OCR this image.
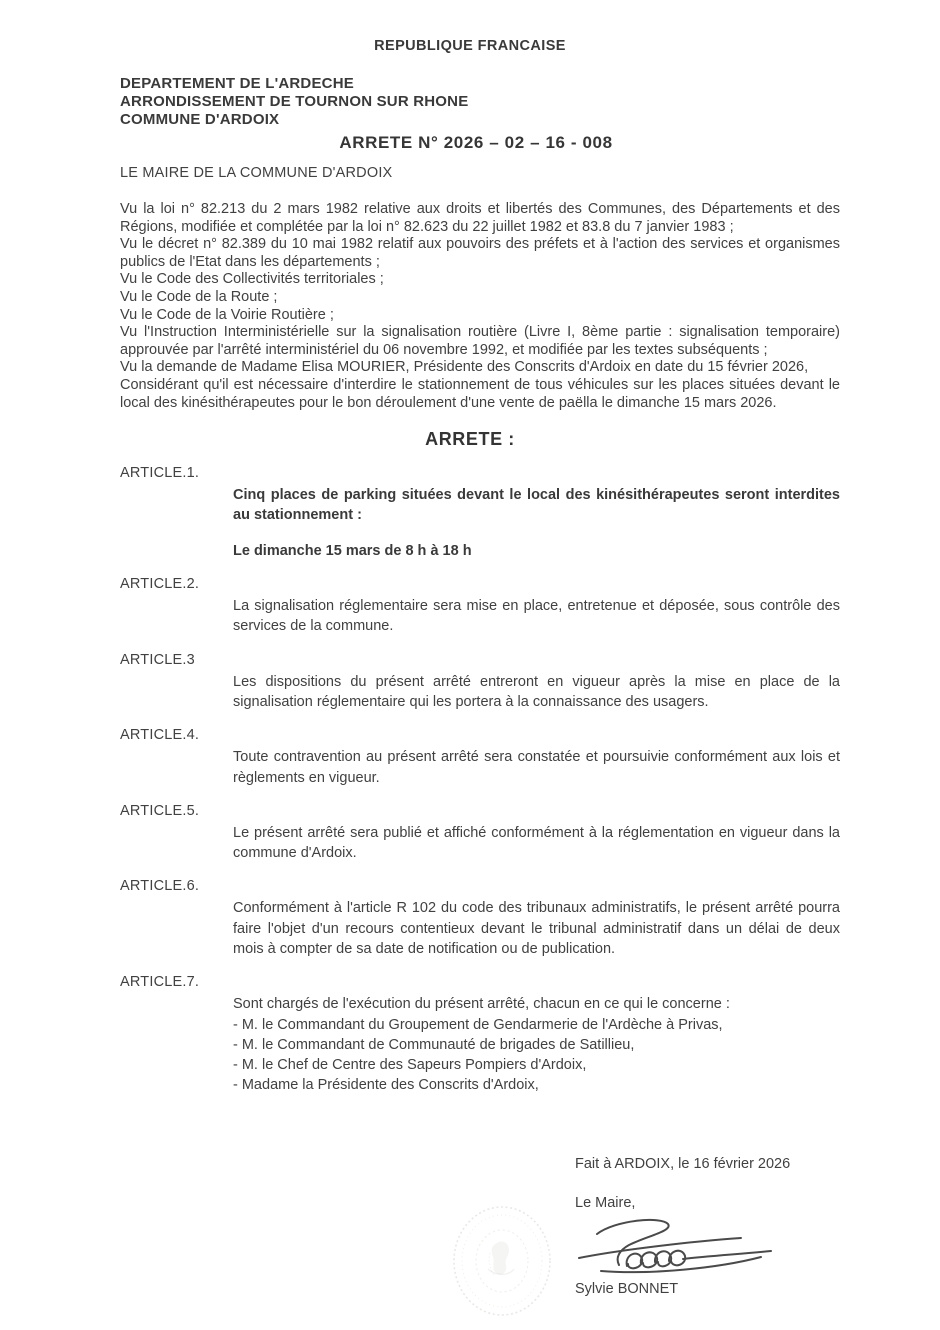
REPUBLIQUE FRANCAISE
DEPARTEMENT DE L'ARDECHE
ARRONDISSEMENT DE TOURNON SUR RHONE
COMMUNE D'ARDOIX
ARRETE N° 2026 – 02 – 16 - 008
LE MAIRE DE LA COMMUNE D'ARDOIX
Vu la loi n° 82.213 du 2 mars 1982 relative aux droits et libertés des Communes, des Départements et des Régions, modifiée et complétée par la loi n° 82.623 du 22 juillet 1982 et 83.8 du 7 janvier 1983 ;
Vu le décret n° 82.389 du 10 mai 1982 relatif aux pouvoirs des préfets et à l'action des services et organismes publics de l'Etat dans les départements ;
Vu le Code des Collectivités territoriales ;
Vu le Code de la Route ;
Vu le Code de la Voirie Routière ;
Vu l'Instruction Interministérielle sur la signalisation routière (Livre I, 8ème partie : signalisation temporaire) approuvée par l'arrêté interministériel du 06 novembre 1992, et modifiée par les textes subséquents ;
Vu la demande de Madame Elisa MOURIER, Présidente des Conscrits d'Ardoix en date du 15 février 2026,
Considérant qu'il est nécessaire d'interdire le stationnement de tous véhicules sur les places situées devant le local des kinésithérapeutes pour le bon déroulement d'une vente de paëlla le dimanche 15 mars 2026.
ARRETE :
ARTICLE.1.

Cinq places de parking situées devant le local des kinésithérapeutes seront interdites au stationnement :

Le dimanche 15 mars de 8 h à 18 h

ARTICLE.2.

La signalisation réglementaire sera mise en place, entretenue et déposée, sous contrôle des services de la commune.

ARTICLE.3

Les dispositions du présent arrêté entreront en vigueur après la mise en place de la signalisation réglementaire qui les portera à la connaissance des usagers.

ARTICLE.4.

Toute contravention au présent arrêté sera constatée et poursuivie conformément aux lois et règlements en vigueur.

ARTICLE.5.

Le présent arrêté sera publié et affiché conformément à la réglementation en vigueur dans la commune d'Ardoix.

ARTICLE.6.

Conformément à l'article R 102 du code des tribunaux administratifs, le présent arrêté pourra faire l'objet d'un recours contentieux devant le tribunal administratif dans un délai de deux mois à compter de sa date de notification ou de publication.

ARTICLE.7.

Sont chargés de l'exécution du présent arrêté, chacun en ce qui le concerne :

- M. le Commandant du Groupement de Gendarmerie de l'Ardèche à Privas,

- M. le Commandant de Communauté de brigades de Satillieu,

- M. le Chef de Centre des Sapeurs Pompiers d'Ardoix,

- Madame la Présidente des Conscrits d'Ardoix,

Fait à ARDOIX, le 16 février 2026
Le Maire,
Sylvie BONNET
